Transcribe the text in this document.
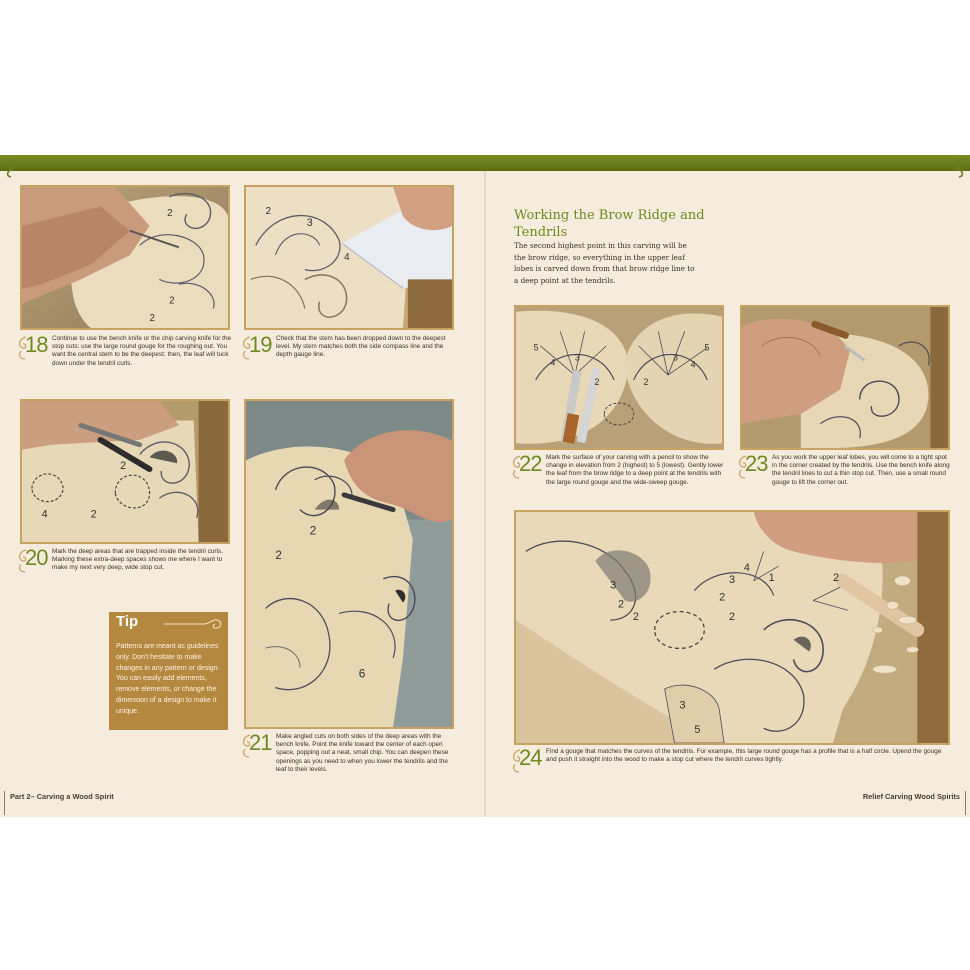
2
2
2
3
2
4
18 Continue to use the bench knife or the chip carving knife for the stop cuts; use the large round gouge for the roughing out. You want the central stem to be the deepest; then, the leaf will tuck down under the tendril curls.

19 Check that the stem has been dropped down to the deepest level. My stem matches both the side compass line and the depth gauge line.

2
2
4
20 Mark the deep areas that are trapped inside the tendril curls. Marking these extra-deep spaces shows me where I want to make my next very deep, wide stop cut.

Tip

Patterns are meant as guidelines only. Don't hesitate to make changes in any pattern or design. You can easily add elements, remove elements, or change the dimension of a design to make it unique.

2
2
6
21 Make angled cuts on both sides of the deep areas with the bench knife. Point the knife toward the center of each open space, popping out a neat, small chip. You can deepen these openings as you need to when you lower the tendrils and the leaf to their levels.

Working the Brow Ridge and Tendrils

The second highest point in this carving will be the brow ridge, so everything in the upper leaf lobes is carved down from that brow ridge line to a deep point at the tendrils.

5
4 3
2	2
3
4
5
22 Mark the surface of your carving with a pencil to show the change in elevation from 2 (highest) to 5 (lowest). Gently lower the leaf from the brow ridge to a deep point at the tendrils with the large round gouge and the wide-sweep gouge.

23 As you work the upper leaf lobes, you will come to a tight spot in the corner created by the tendrils. Use the bench knife along the tendril lines to cut a thin stop cut. Then, use a small round gouge to lift the corner out.

3
2
2
1
4
3
2
2
3
5
2
24 Find a gouge that matches the curves of the tendrils. For example, this large round gouge has a profile that is a half circle. Upend the gouge and push it straight into the wood to make a stop cut where the tendril curves tightly.

Part 2– Carving a Wood Spirit	Relief Carving Wood Spirits
